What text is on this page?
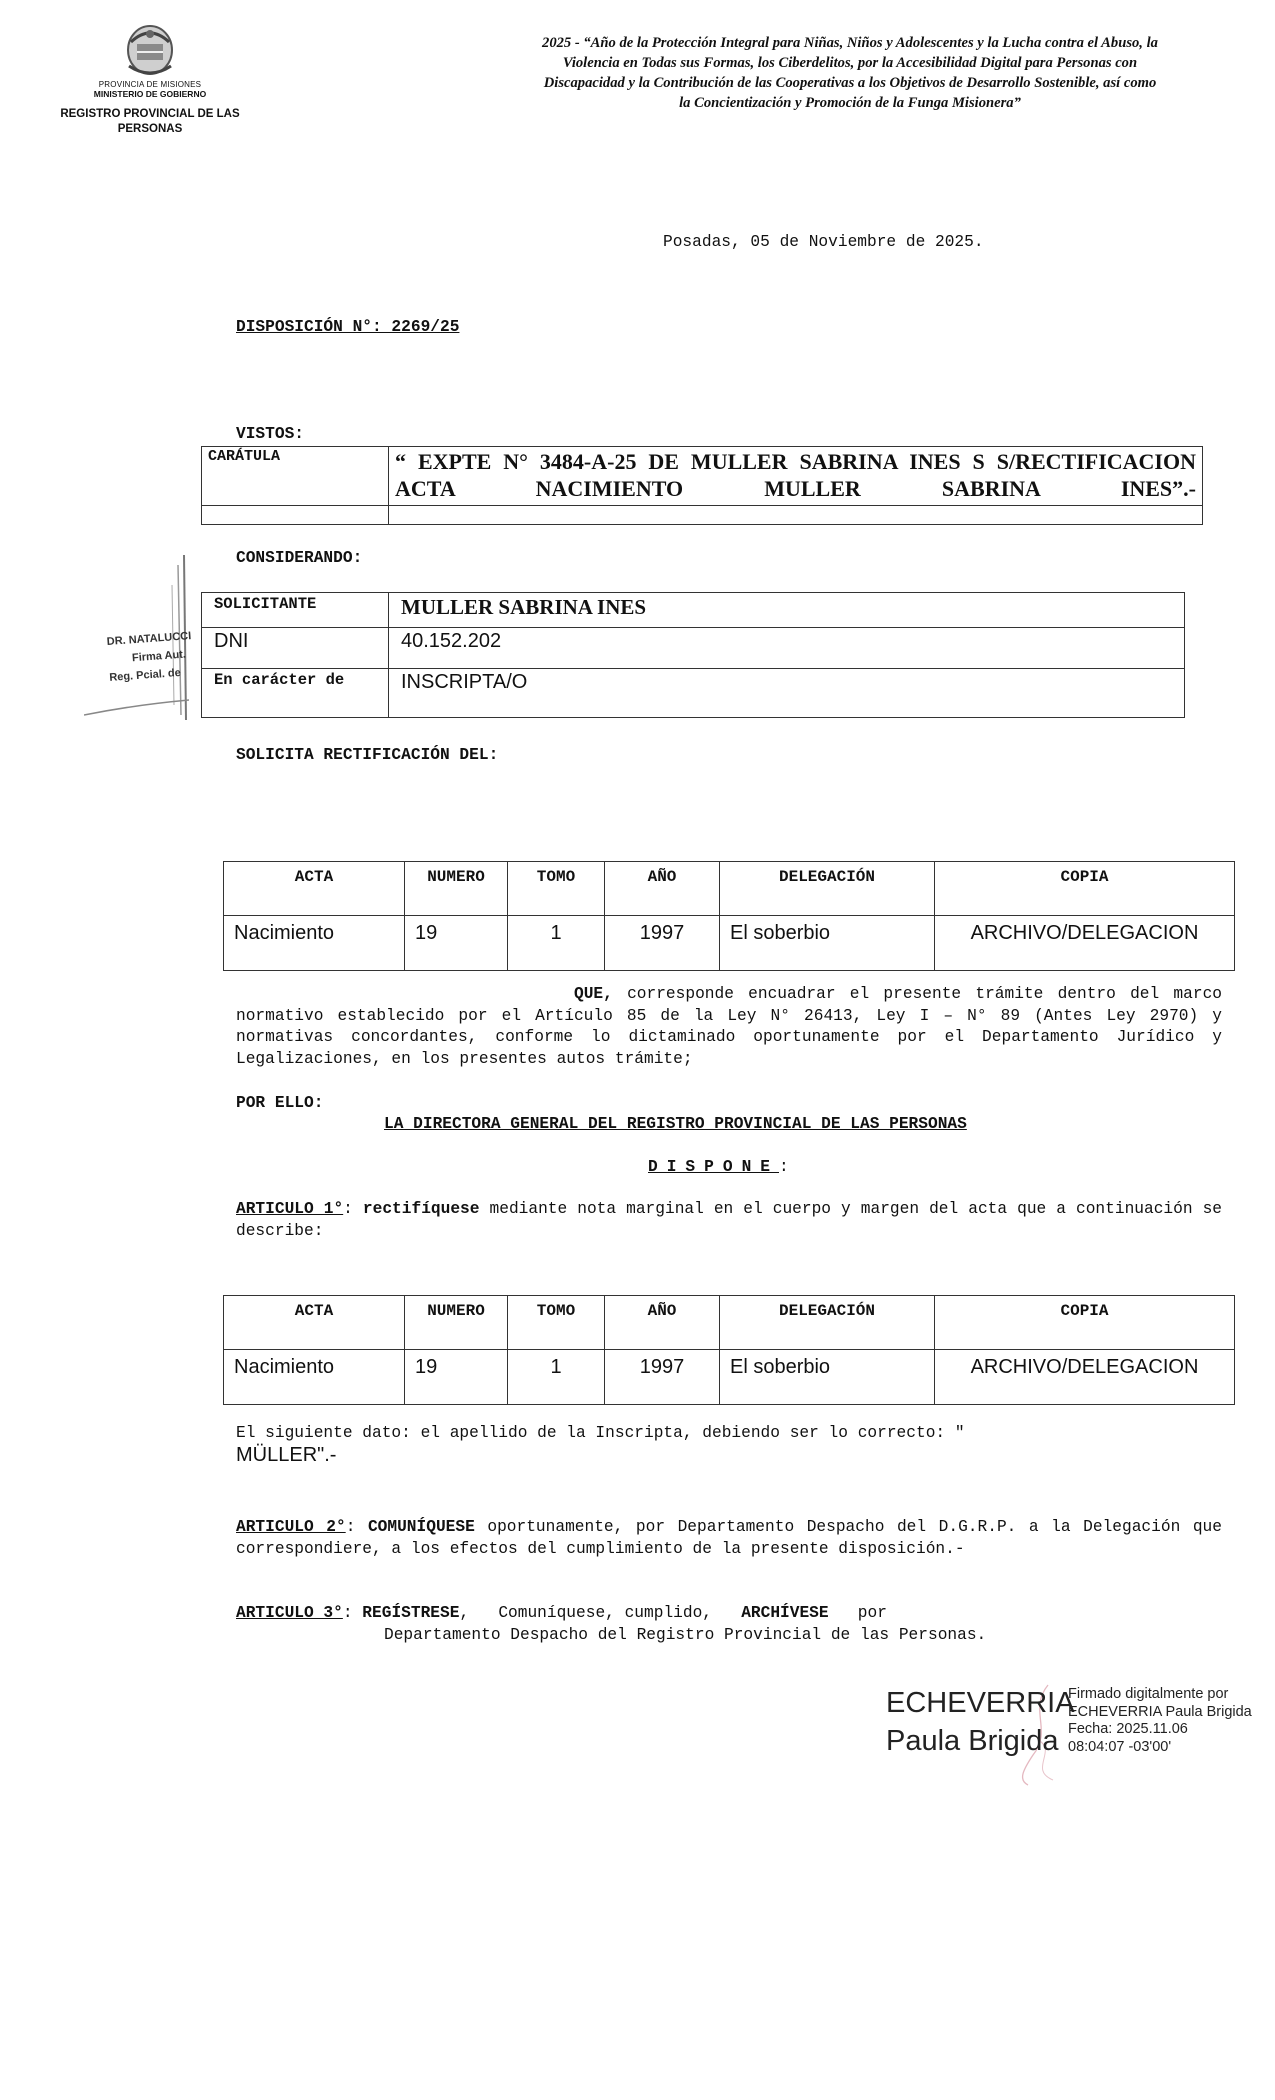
PROVINCIA DE MISIONES
MINISTERIO DE GOBIERNO
REGISTRO PROVINCIAL DE LAS PERSONAS
2025 - “Año de la Protección Integral para Niñas, Niños y Adolescentes y la Lucha contra el Abuso, la Violencia en Todas sus Formas, los Ciberdelitos, por la Accesibilidad Digital para Personas con Discapacidad y la Contribución de las Cooperativas a los Objetivos de Desarrollo Sostenible, así como la Concientización y Promoción de la Funga Misionera”
Posadas, 05 de Noviembre de 2025.
DISPOSICIÓN N°: 2269/25
VISTOS:
CARÁTULA	“ EXPTE N° 3484-A-25 DE MULLER SABRINA INES S S/RECTIFICACION ACTA NACIMIENTO MULLER SABRINA INES”.-

CONSIDERANDO:
DR. NATALUCCI
Firma Aut.
Reg. Pcial. de
SOLICITANTE	MULLER SABRINA INES
DNI	40.152.202
En carácter de	INSCRIPTA/O
SOLICITA RECTIFICACIÓN DEL:
ACTA	NUMERO	TOMO	AÑO	DELEGACIÓN	COPIA
Nacimiento	19	1	1997	El soberbio	ARCHIVO/DELEGACION
QUE, corresponde encuadrar el presente trámite dentro del marco normativo establecido por el Artículo 85 de la Ley N° 26413, Ley I – N° 89 (Antes Ley 2970) y normativas concordantes, conforme lo dictaminado oportunamente por el Departamento Jurídico y Legalizaciones, en los presentes autos trámite;
POR ELLO:
LA DIRECTORA GENERAL DEL REGISTRO PROVINCIAL DE LAS PERSONAS
DISPONE:
ARTICULO 1°: rectifíquese mediante nota marginal en el cuerpo y margen del acta que a continuación se describe:
ACTA	NUMERO	TOMO	AÑO	DELEGACIÓN	COPIA
Nacimiento	19	1	1997	El soberbio	ARCHIVO/DELEGACION
El siguiente dato: el apellido de la Inscripta, debiendo ser lo correcto: "
MÜLLER".-
ARTICULO 2°: COMUNÍQUESE oportunamente, por Departamento Despacho del D.G.R.P. a la Delegación que correspondiere, a los efectos del cumplimiento de la presente disposición.-
ARTICULO 3°: REGÍSTRESE,   Comuníquese, cumplido, ARCHÍVESE por
Departamento Despacho del Registro Provincial de las Personas.
ECHEVERRIA
Paula Brigida
Firmado digitalmente por
ECHEVERRIA Paula Brigida
Fecha: 2025.11.06
08:04:07 -03'00'
